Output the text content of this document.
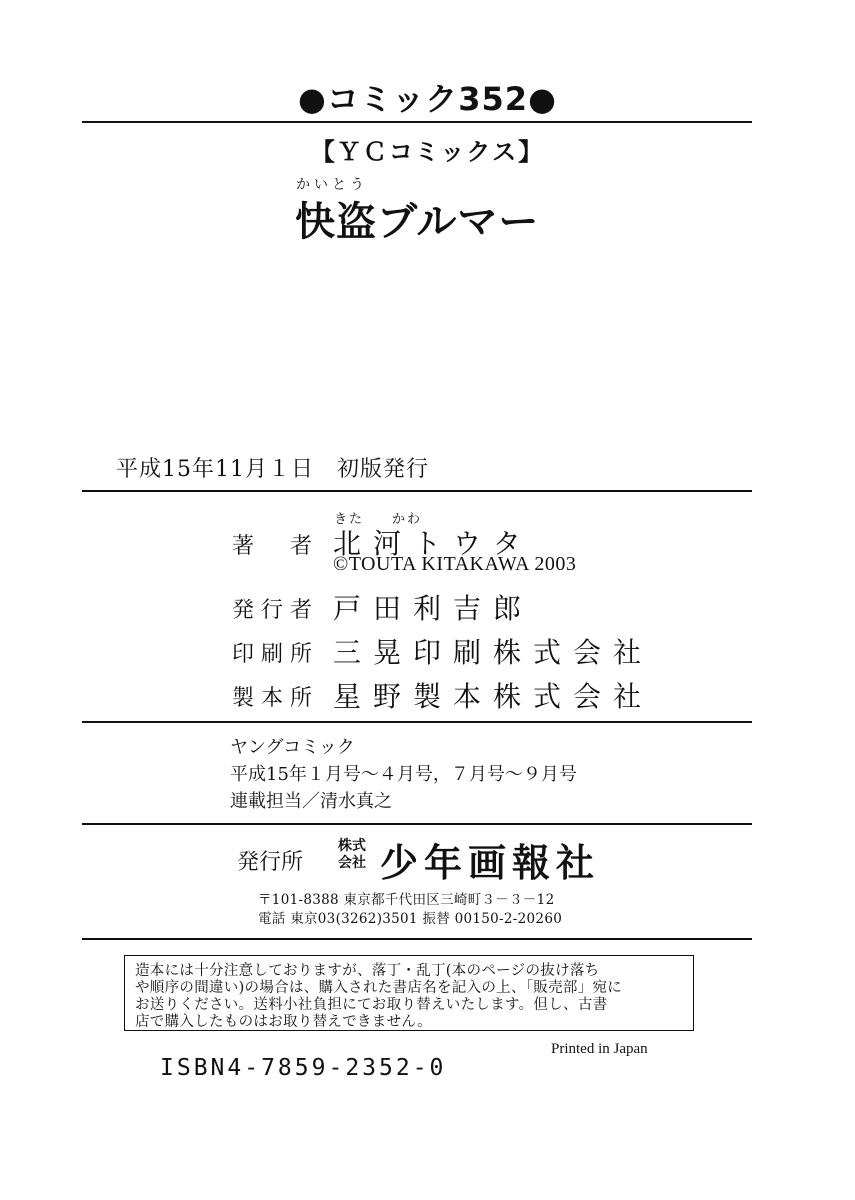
●コミック352●
【ＹＣコミックス】
かいとう
快盗ブルマー
平成15年11月１日　初版発行
きた かわ
著者 北河トウタ
©TOUTA KITAKAWA 2003
発行者 戸田利吉郎
印刷所 三晃印刷株式会社
製本所 星野製本株式会社
ヤングコミック
平成15年１月号～４月号，７月号～９月号
連載担当／清水真之
発行所
株式会社 少年画報社
〒101-8388 東京都千代田区三崎町３－３－12
電話 東京03(3262)3501 振替 00150-2-20260
造本には十分注意しておりますが、落丁・乱丁(本のページの抜け落ち
や順序の間違い)の場合は、購入された書店名を記入の上、「販売部」宛に
お送りください。送料小社負担にてお取り替えいたします。但し、古書
店で購入したものはお取り替えできません。
Printed in Japan
ISBN4-7859-2352-0
